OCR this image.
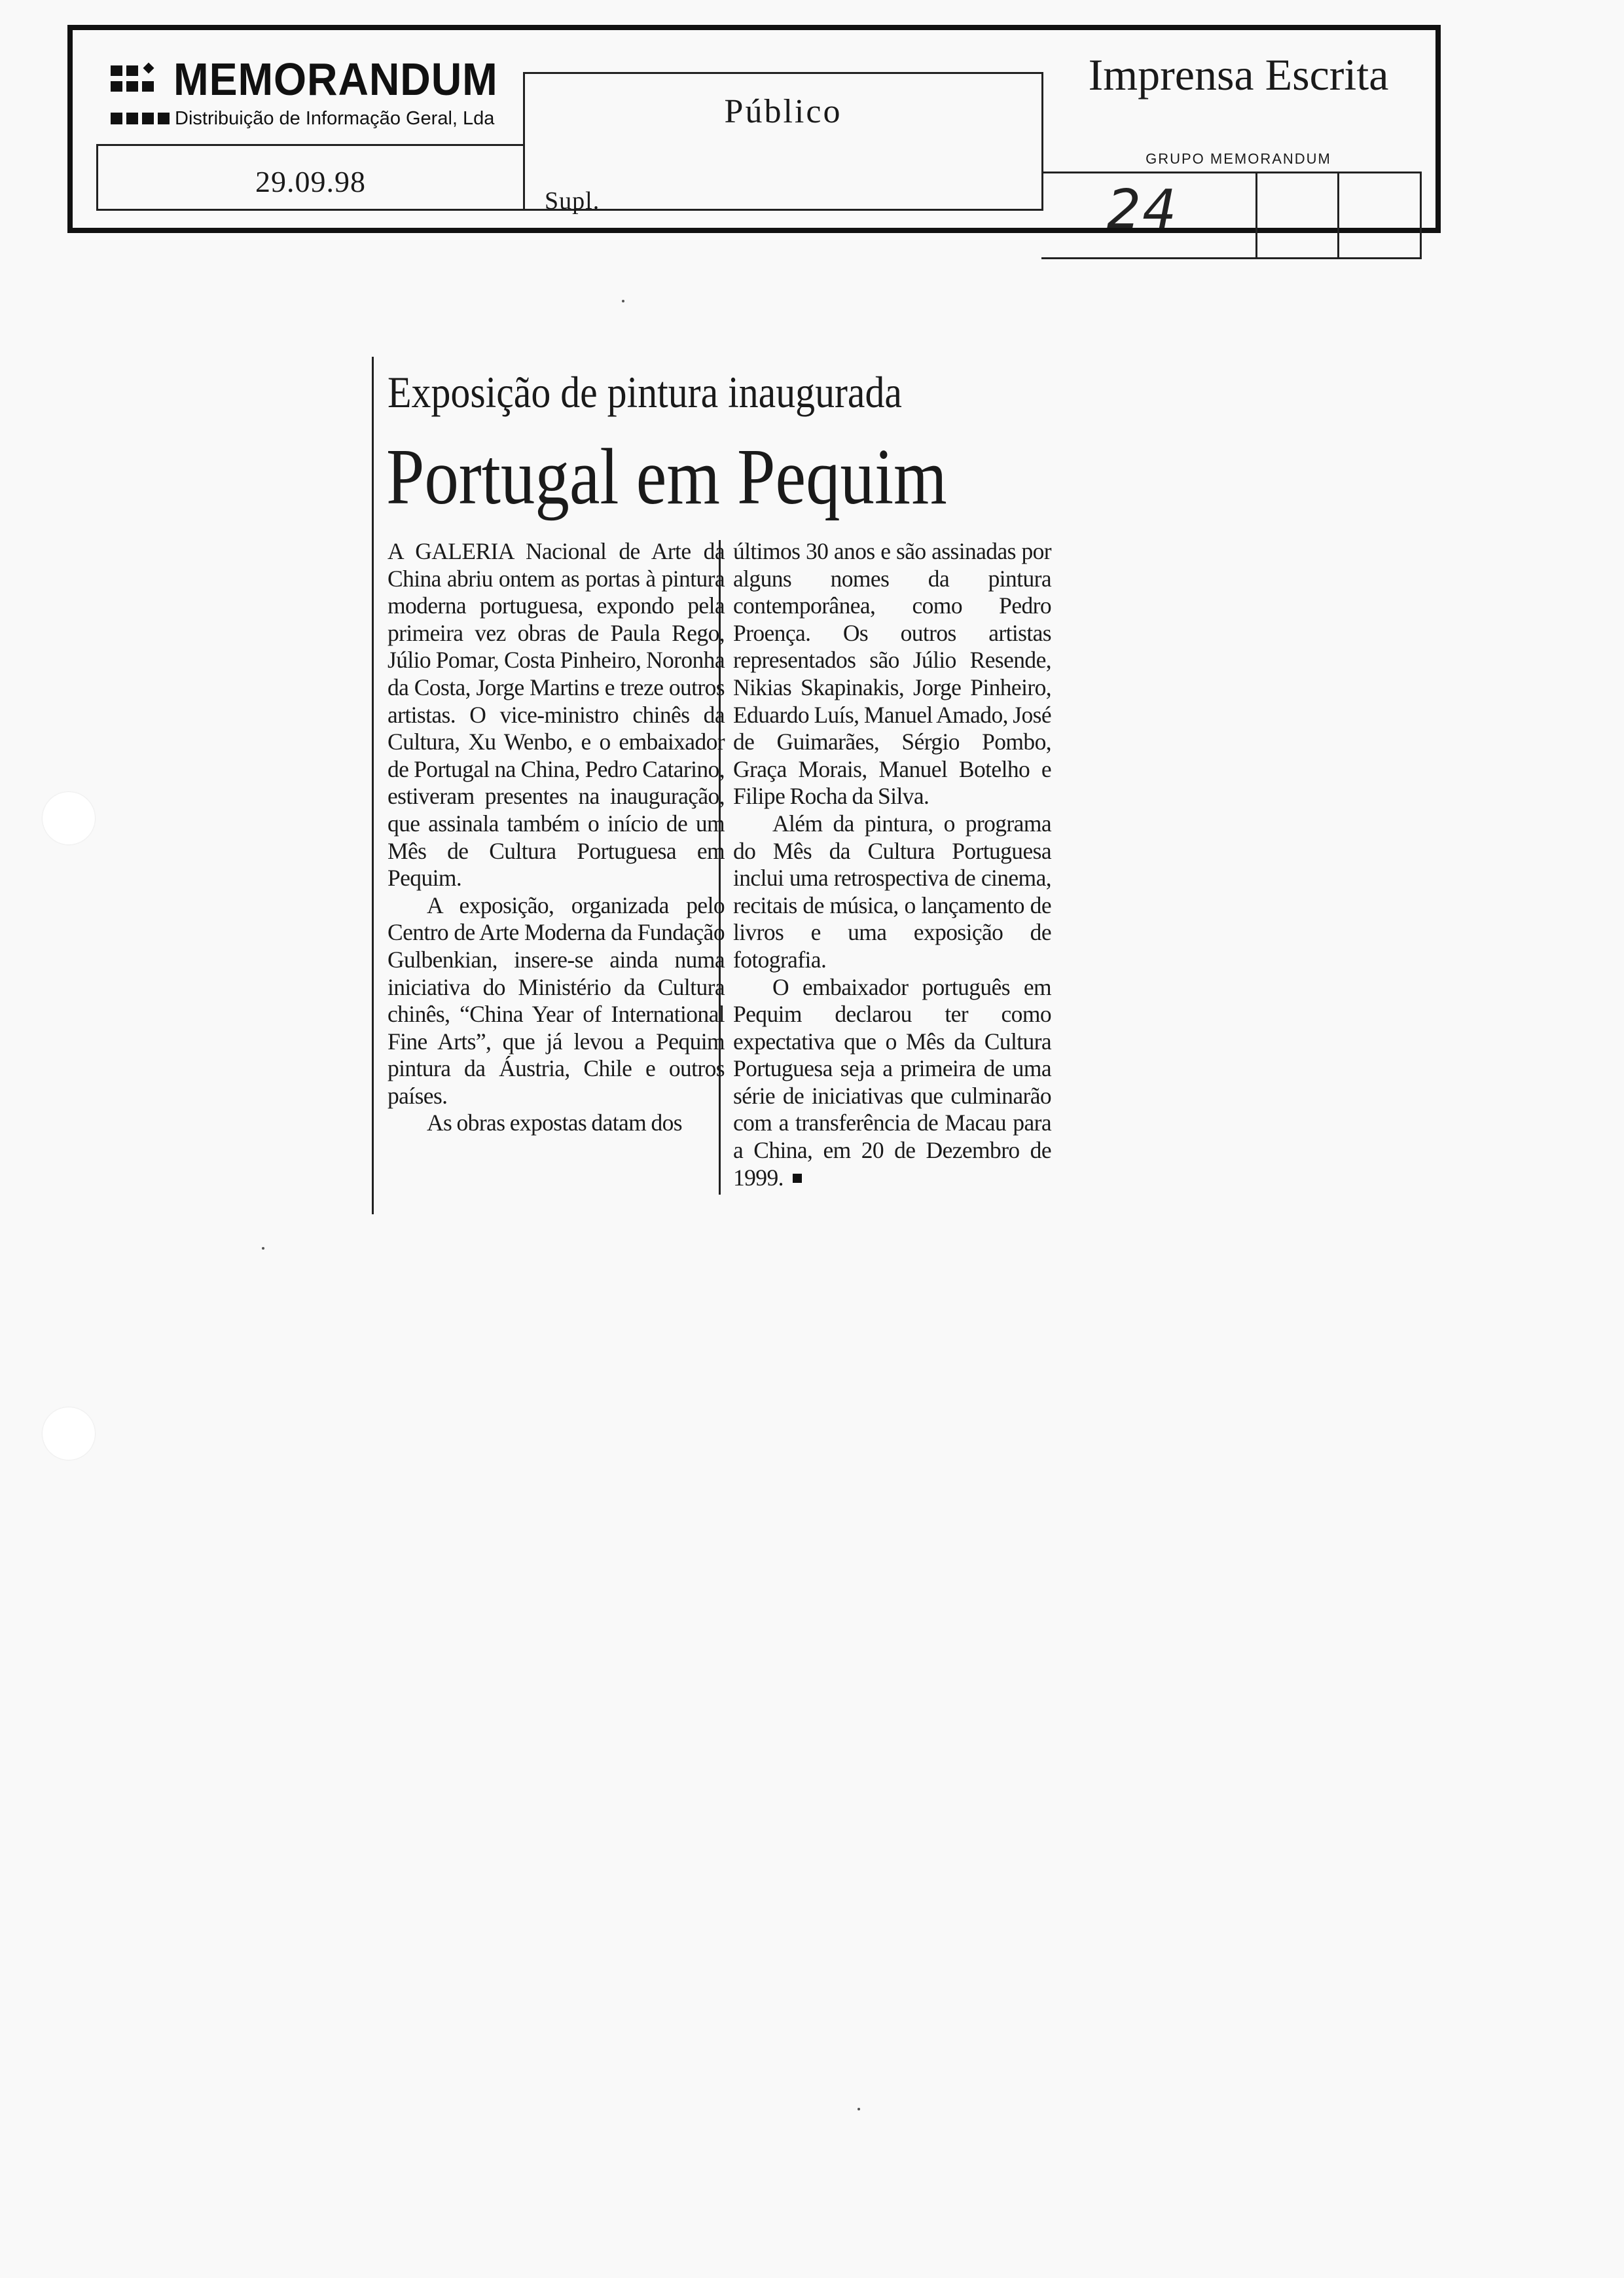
MEMORANDUM
Distribuição de Informação Geral, Lda
29.09.98
Público
Supl.
Imprensa Escrita
GRUPO MEMORANDUM
24
Exposição de pintura inaugurada
Portugal em Pequim

A GALERIA Nacional de Arte da China abriu ontem as portas à pintura moderna portuguesa, expondo pela primeira vez obras de Paula Rego, Júlio Pomar, Costa Pinheiro, Noronha da Costa, Jorge Martins e treze outros artistas. O vice-ministro chinês da Cultura, Xu Wenbo, e o embaixador de Portugal na China, Pedro Catarino, estiveram presentes na inauguração, que assinala também o início de um Mês de Cultura Portuguesa em Pequim.

A exposição, organizada pelo Centro de Arte Moderna da Fundação Gulbenkian, insere-se ainda numa iniciativa do Ministério da Cultura chinês, “China Year of International Fine Arts”, que já levou a Pequim pintura da Áustria, Chile e outros países.

As obras expostas datam dos

últimos 30 anos e são assinadas por alguns nomes da pintura contemporânea, como Pedro Proença. Os outros artistas representados são Júlio Resende, Nikias Skapinakis, Jorge Pinheiro, Eduardo Luís, Manuel Amado, José de Guimarães, Sérgio Pombo, Graça Morais, Manuel Botelho e Filipe Rocha da Silva.

Além da pintura, o programa do Mês da Cultura Portuguesa inclui uma retrospectiva de cinema, recitais de música, o lançamento de livros e uma exposição de fotografia.

O embaixador português em Pequim declarou ter como expectativa que o Mês da Cultura Portuguesa seja a primeira de uma série de iniciativas que culminarão com a transferência de Macau para a China, em 20 de Dezembro de 1999.
